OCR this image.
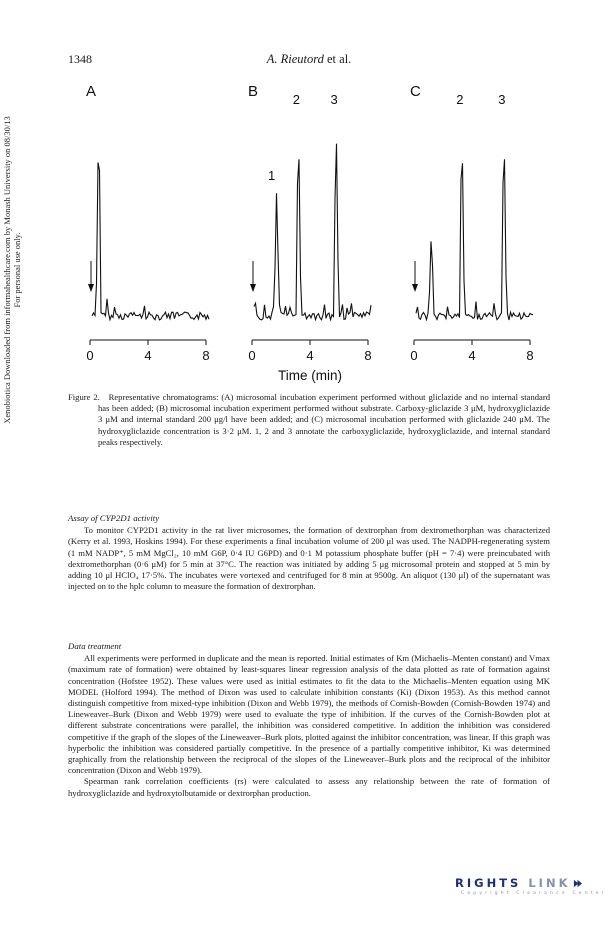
1348	A. Rieutord et al.
Xenobiotica Downloaded from informahealthcare.com by Monash University on 08/30/13 For personal use only.
A
0	4	8
B
0	4	8
1
2 3	C
0	4	8
2	3
Time (min)

Figure 2. Representative chromatograms: (A) microsomal incubation experiment performed without gliclazide and no internal standard has been added; (B) microsomal incubation experiment performed without substrate. Carboxy-gliclazide 3 μM, hydroxygliclazide 3 μM and internal standard 200 μg/l have been added; and (C) microsomal incubation performed with gliclazide 240 μM. The hydroxygliclazide concentration is 3·2 μM. 1, 2 and 3 annotate the carboxygliclazide, hydroxygliclazide, and internal standard peaks respectively.

Assay of CYP2D1 activity

To monitor CYP2D1 activity in the rat liver microsomes, the formation of dextrorphan from dextromethorphan was characterized (Kerry et al. 1993, Hoskins 1994). For these experiments a final incubation volume of 200 μl was used. The NADPH-regenerating system (1 mM NADP⁺, 5 mM MgCl₂, 10 mM G6P, 0·4 IU G6PD) and 0·1 M potassium phosphate buffer (pH = 7·4) were preincubated with dextromethorphan (0·6 μM) for 5 min at 37°C. The reaction was initiated by adding 5 μg microsomal protein and stopped at 5 min by adding 10 μl HClO₄ 17·5%. The incubates were vortexed and centrifuged for 8 min at 9500g. An aliquot (130 μl) of the supernatant was injected on to the hplc column to measure the formation of dextrorphan.

Data treatment

All experiments were performed in duplicate and the mean is reported. Initial estimates of Km (Michaelis–Menten constant) and Vmax (maximum rate of formation) were obtained by least-squares linear regression analysis of the data plotted as rate of formation against concentration (Hofstee 1952). These values were used as initial estimates to fit the data to the Michaelis–Menten equation using MK MODEL (Holford 1994). The method of Dixon was used to calculate inhibition constants (Ki) (Dixon 1953). As this method cannot distinguish competitive from mixed-type inhibition (Dixon and Webb 1979), the methods of Cornish-Bowden (Cornish-Bowden 1974) and Lineweaver–Burk (Dixon and Webb 1979) were used to evaluate the type of inhibition. If the curves of the Cornish-Bowden plot at different substrate concentrations were parallel, the inhibition was considered competitive. In addition the inhibition was considered competitive if the graph of the slopes of the Lineweaver–Burk plots, plotted against the inhibitor concentration, was linear. If this graph was hyperbolic the inhibition was considered partially competitive. In the presence of a partially competitive inhibitor, Ki was determined graphically from the relationship between the reciprocal of the slopes of the Lineweaver–Burk plots and the reciprocal of the inhibitor concentration (Dixon and Webb 1979).

Spearman rank correlation coefficients (rs) were calculated to assess any relationship between the rate of formation of hydroxygliclazide and hydroxytolbutamide or dextrorphan production.

RIGHTS LINK
Copyright Clearance Center
